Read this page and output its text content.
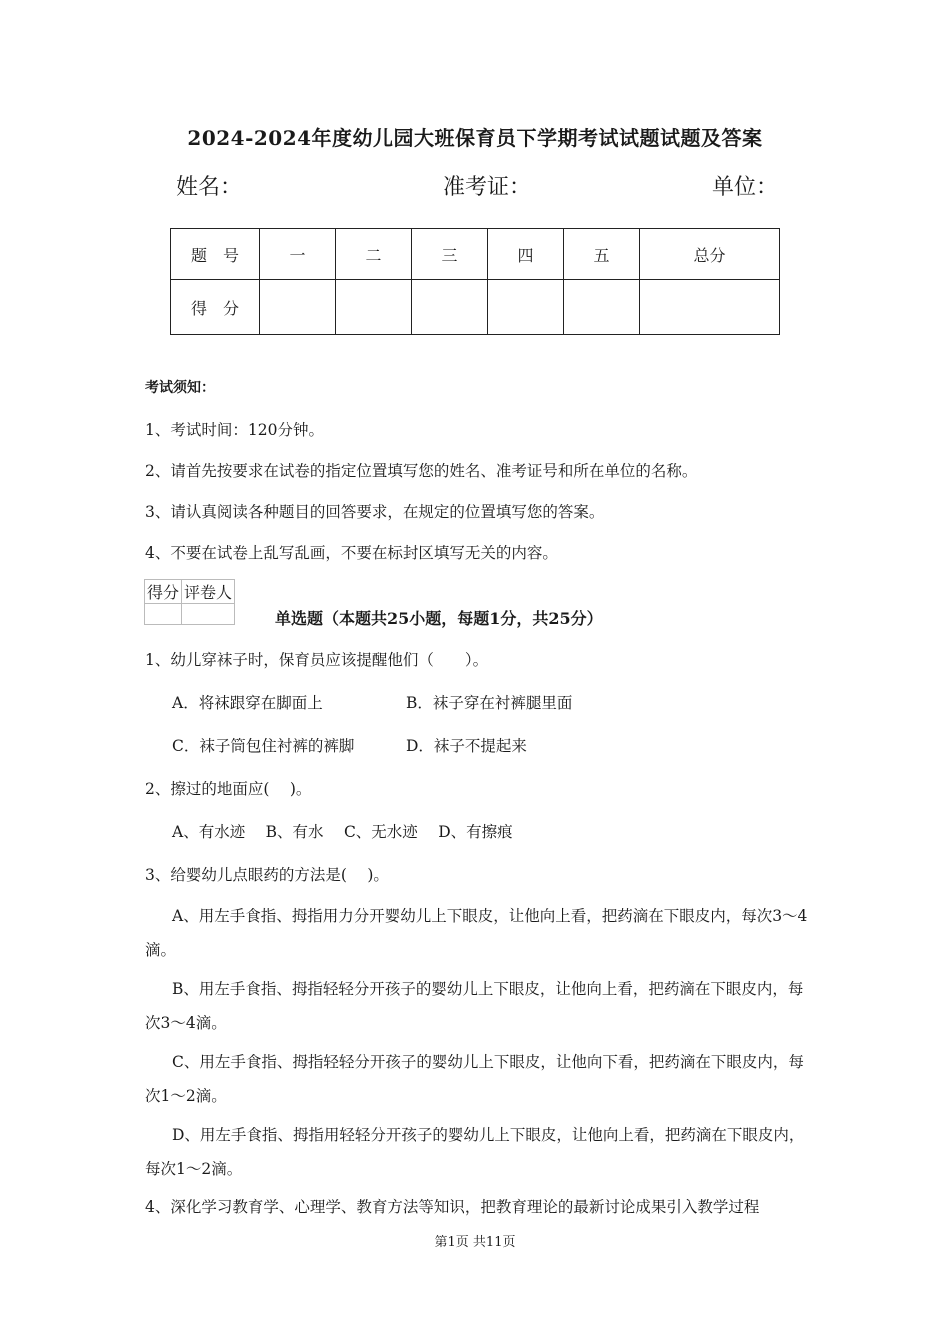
2024-2024年度幼儿园大班保育员下学期考试试题试题及答案
姓名：	准考证：	单位：
题　号	一	二	三	四	五	总分
得　分						
考试须知：
1、考试时间：120分钟。
2、请首先按要求在试卷的指定位置填写您的姓名、准考证号和所在单位的名称。
3、请认真阅读各种题目的回答要求，在规定的位置填写您的答案。
4、不要在试卷上乱写乱画，不要在标封区填写无关的内容。
得分	评卷人

单选题（本题共25小题，每题1分，共25分）
1、幼儿穿袜子时，保育员应该提醒他们（　　）。
A．将袜跟穿在脚面上	B．袜子穿在衬裤腿里面
C．袜子筒包住衬裤的裤脚	D．袜子不提起来
2、擦过的地面应(　 )。
A、有水迹　 B、有水　 C、无水迹　 D、有擦痕
3、给婴幼儿点眼药的方法是(　 )。
A、用左手食指、拇指用力分开婴幼儿上下眼皮，让他向上看，把药滴在下眼皮内，每次3～4滴。
B、用左手食指、拇指轻轻分开孩子的婴幼儿上下眼皮，让他向上看，把药滴在下眼皮内，每次3～4滴。
C、用左手食指、拇指轻轻分开孩子的婴幼儿上下眼皮，让他向下看，把药滴在下眼皮内，每次1～2滴。
D、用左手食指、拇指用轻轻分开孩子的婴幼儿上下眼皮，让他向上看，把药滴在下眼皮内，每次1～2滴。
4、深化学习教育学、心理学、教育方法等知识，把教育理论的最新讨论成果引入教学过程
第1页 共11页
